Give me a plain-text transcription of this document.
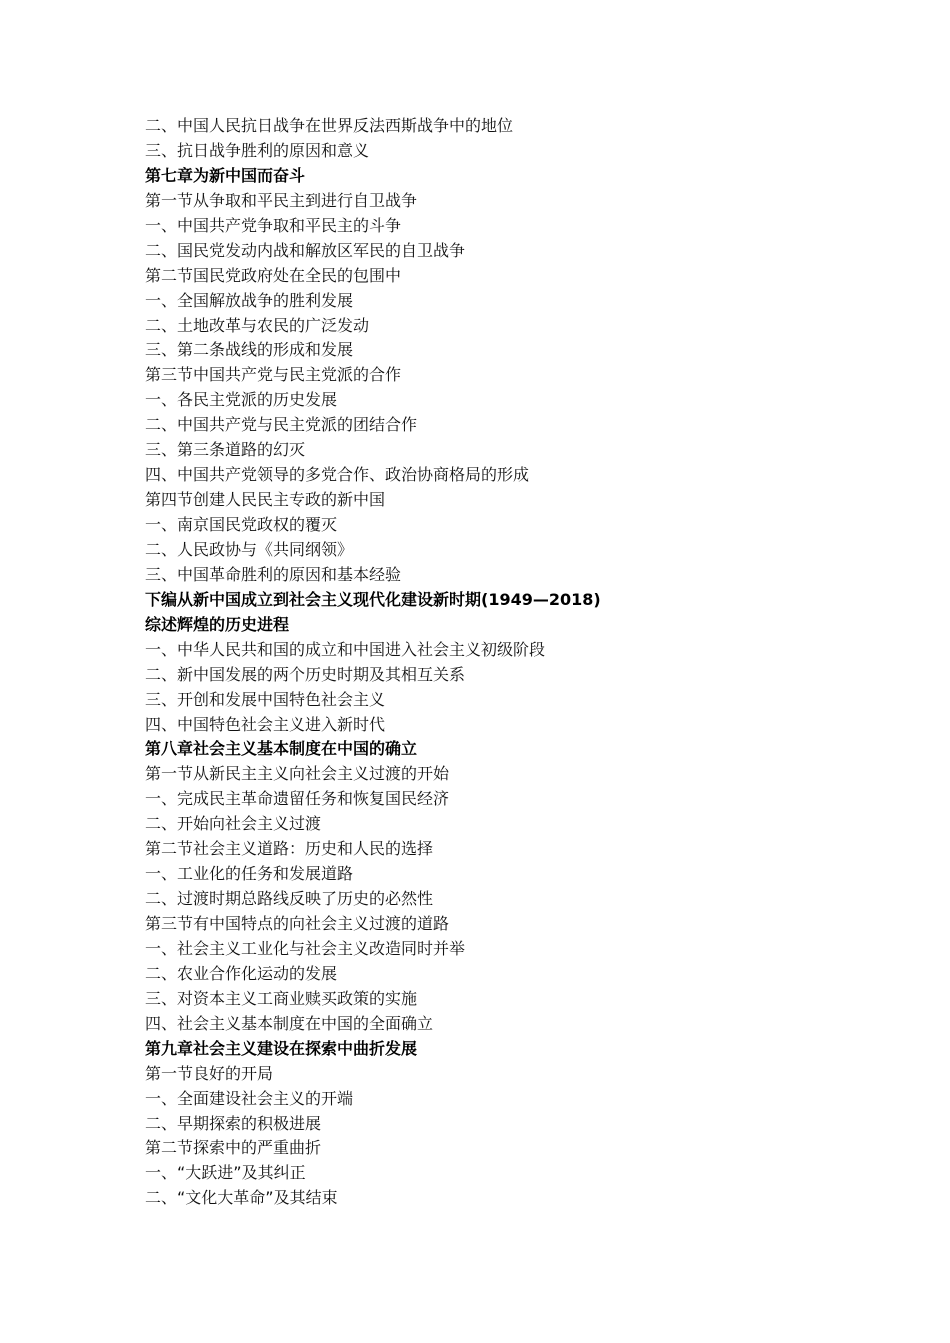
二、中国人民抗日战争在世界反法西斯战争中的地位
三、抗日战争胜利的原因和意义
第七章为新中国而奋斗
第一节从争取和平民主到进行自卫战争
一、中国共产党争取和平民主的斗争
二、国民党发动内战和解放区军民的自卫战争
第二节国民党政府处在全民的包围中
一、全国解放战争的胜利发展
二、土地改革与农民的广泛发动
三、第二条战线的形成和发展
第三节中国共产党与民主党派的合作
一、各民主党派的历史发展
二、中国共产党与民主党派的团结合作
三、第三条道路的幻灭
四、中国共产党领导的多党合作、政治协商格局的形成
第四节创建人民民主专政的新中国
一、南京国民党政权的覆灭
二、人民政协与《共同纲领》
三、中国革命胜利的原因和基本经验
下编从新中国成立到社会主义现代化建设新时期(1949—2018)
综述辉煌的历史进程
一、中华人民共和国的成立和中国进入社会主义初级阶段
二、新中国发展的两个历史时期及其相互关系
三、开创和发展中国特色社会主义
四、中国特色社会主义进入新时代
第八章社会主义基本制度在中国的确立
第一节从新民主主义向社会主义过渡的开始
一、完成民主革命遗留任务和恢复国民经济
二、开始向社会主义过渡
第二节社会主义道路：历史和人民的选择
一、工业化的任务和发展道路
二、过渡时期总路线反映了历史的必然性
第三节有中国特点的向社会主义过渡的道路
一、社会主义工业化与社会主义改造同时并举
二、农业合作化运动的发展
三、对资本主义工商业赎买政策的实施
四、社会主义基本制度在中国的全面确立
第九章社会主义建设在探索中曲折发展
第一节良好的开局
一、全面建设社会主义的开端
二、早期探索的积极进展
第二节探索中的严重曲折
一、“大跃进”及其纠正
二、“文化大革命”及其结束
